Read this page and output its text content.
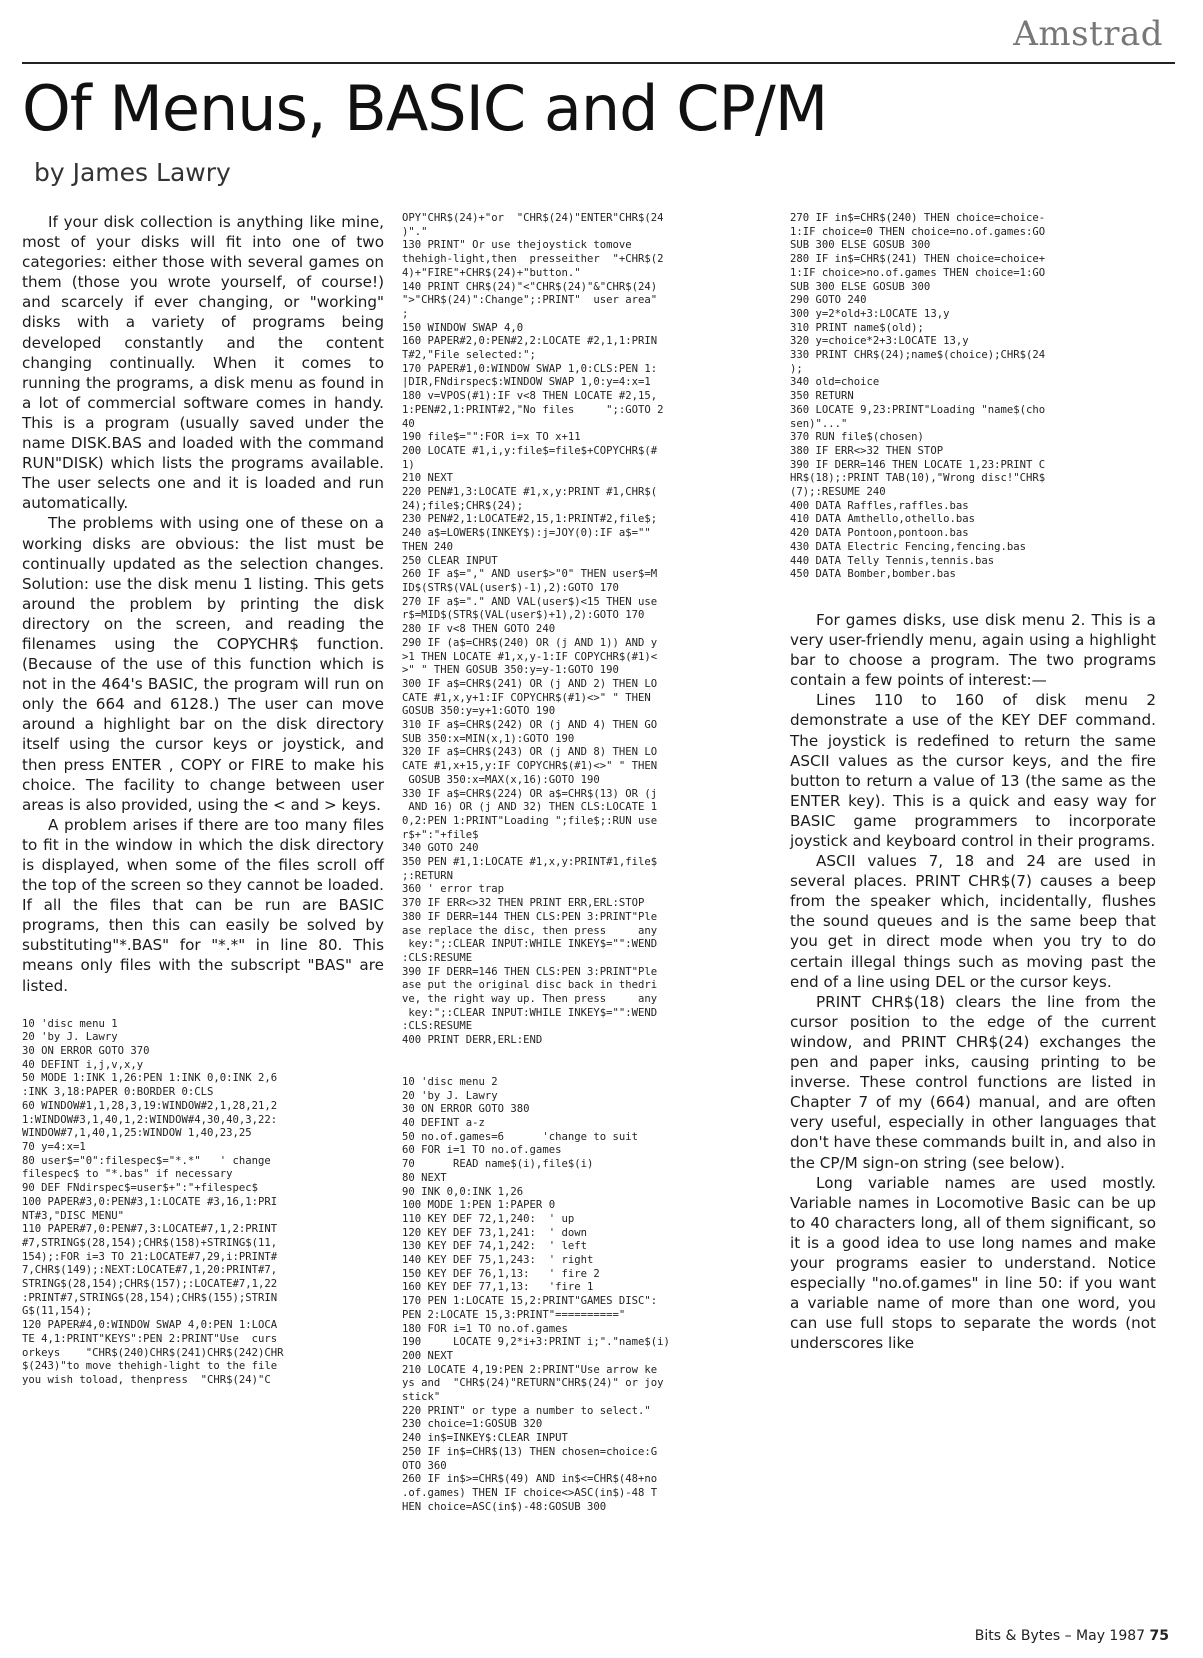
Amstrad
Of Menus, BASIC and CP/M
by James Lawry

If your disk collection is anything like mine, most of your disks will fit into one of two categories: either those with several games on them (those you wrote yourself, of course!) and scarcely if ever changing, or "working" disks with a variety of programs being developed constantly and the content changing continually. When it comes to running the programs, a disk menu as found in a lot of commercial software comes in handy. This is a program (usually saved under the name DISK.BAS and loaded with the command RUN"DISK) which lists the programs available. The user selects one and it is loaded and run automatically.

The problems with using one of these on a working disks are obvious: the list must be continually updated as the selection changes. Solution: use the disk menu 1 listing. This gets around the problem by printing the disk directory on the screen, and reading the filenames using the COPYCHR$ function. (Because of the use of this function which is not in the 464's BASIC, the program will run on only the 664 and 6128.) The user can move around a highlight bar on the disk directory itself using the cursor keys or joystick, and then press ENTER , COPY or FIRE to make his choice. The facility to change between user areas is also provided, using the < and > keys.

A problem arises if there are too many files to fit in the window in which the disk directory is displayed, when some of the files scroll off the top of the screen so they cannot be loaded. If all the files that can be run are BASIC programs, then this can easily be solved by substituting"*.BAS" for "*.*" in line 80. This means only files with the subscript "BAS" are listed.

10 'disc menu 1
20 'by J. Lawry
30 ON ERROR GOTO 370
40 DEFINT i,j,v,x,y
50 MODE 1:INK 1,26:PEN 1:INK 0,0:INK 2,6
:INK 3,18:PAPER 0:BORDER 0:CLS
60 WINDOW#1,1,28,3,19:WINDOW#2,1,28,21,2
1:WINDOW#3,1,40,1,2:WINDOW#4,30,40,3,22:
WINDOW#7,1,40,1,25:WINDOW 1,40,23,25
70 y=4:x=1
80 user$="0":filespec$="*.*"   ' change
filespec$ to "*.bas" if necessary
90 DEF FNdirspec$=user$+":"+filespec$
100 PAPER#3,0:PEN#3,1:LOCATE #3,16,1:PRI
NT#3,"DISC MENU"
110 PAPER#7,0:PEN#7,3:LOCATE#7,1,2:PRINT
#7,STRING$(28,154);CHR$(158)+STRING$(11,
154);:FOR i=3 TO 21:LOCATE#7,29,i:PRINT#
7,CHR$(149);:NEXT:LOCATE#7,1,20:PRINT#7,
STRING$(28,154);CHR$(157);:LOCATE#7,1,22
:PRINT#7,STRING$(28,154);CHR$(155);STRIN
G$(11,154);
120 PAPER#4,0:WINDOW SWAP 4,0:PEN 1:LOCA
TE 4,1:PRINT"KEYS":PEN 2:PRINT"Use  curs
orkeys    "CHR$(240)CHR$(241)CHR$(242)CHR
$(243)"to move thehigh-light to the file
you wish toload, thenpress  "CHR$(24)"C
OPY"CHR$(24)+"or  "CHR$(24)"ENTER"CHR$(24
)"."
130 PRINT" Or use thejoystick tomove
thehigh-light,then  presseither  "+CHR$(2
4)+"FIRE"+CHR$(24)+"button."
140 PRINT CHR$(24)"<"CHR$(24)"&"CHR$(24)
">"CHR$(24)":Change";:PRINT"  user area"
;
150 WINDOW SWAP 4,0
160 PAPER#2,0:PEN#2,2:LOCATE #2,1,1:PRIN
T#2,"File selected:";
170 PAPER#1,0:WINDOW SWAP 1,0:CLS:PEN 1:
|DIR,FNdirspec$:WINDOW SWAP 1,0:y=4:x=1
180 v=VPOS(#1):IF v<8 THEN LOCATE #2,15,
1:PEN#2,1:PRINT#2,"No files     ";:GOTO 2
40
190 file$="":FOR i=x TO x+11
200 LOCATE #1,i,y:file$=file$+COPYCHR$(#
1)
210 NEXT
220 PEN#1,3:LOCATE #1,x,y:PRINT #1,CHR$(
24);file$;CHR$(24);
230 PEN#2,1:LOCATE#2,15,1:PRINT#2,file$;
240 a$=LOWER$(INKEY$):j=JOY(0):IF a$=""
THEN 240
250 CLEAR INPUT
260 IF a$="," AND user$>"0" THEN user$=M
ID$(STR$(VAL(user$)-1),2):GOTO 170
270 IF a$="." AND VAL(user$)<15 THEN use
r$=MID$(STR$(VAL(user$)+1),2):GOTO 170
280 IF v<8 THEN GOTO 240
290 IF (a$=CHR$(240) OR (j AND 1)) AND y
>1 THEN LOCATE #1,x,y-1:IF COPYCHR$(#1)<
>" " THEN GOSUB 350:y=y-1:GOTO 190
300 IF a$=CHR$(241) OR (j AND 2) THEN LO
CATE #1,x,y+1:IF COPYCHR$(#1)<>" " THEN
GOSUB 350:y=y+1:GOTO 190
310 IF a$=CHR$(242) OR (j AND 4) THEN GO
SUB 350:x=MIN(x,1):GOTO 190
320 IF a$=CHR$(243) OR (j AND 8) THEN LO
CATE #1,x+15,y:IF COPYCHR$(#1)<>" " THEN
GOSUB 350:x=MAX(x,16):GOTO 190
330 IF a$=CHR$(224) OR a$=CHR$(13) OR (j
AND 16) OR (j AND 32) THEN CLS:LOCATE 1
0,2:PEN 1:PRINT"Loading ";file$;:RUN use
r$+":"+file$
340 GOTO 240
350 PEN #1,1:LOCATE #1,x,y:PRINT#1,file$
;:RETURN
360 ' error trap
370 IF ERR<>32 THEN PRINT ERR,ERL:STOP
380 IF DERR=144 THEN CLS:PEN 3:PRINT"Ple
ase replace the disc, then press     any
key:";:CLEAR INPUT:WHILE INKEY$="":WEND
:CLS:RESUME
390 IF DERR=146 THEN CLS:PEN 3:PRINT"Ple
ase put the original disc back in thedri
ve, the right way up. Then press     any
key:";:CLEAR INPUT:WHILE INKEY$="":WEND
:CLS:RESUME
400 PRINT DERR,ERL:END
10 'disc menu 2
20 'by J. Lawry
30 ON ERROR GOTO 380
40 DEFINT a-z
50 no.of.games=6      'change to suit
60 FOR i=1 TO no.of.games
70      READ name$(i),file$(i)
80 NEXT
90 INK 0,0:INK 1,26
100 MODE 1:PEN 1:PAPER 0
110 KEY DEF 72,1,240:  ' up
120 KEY DEF 73,1,241:  ' down
130 KEY DEF 74,1,242:  ' left
140 KEY DEF 75,1,243:  ' right
150 KEY DEF 76,1,13:   ' fire 2
160 KEY DEF 77,1,13:   'fire 1
170 PEN 1:LOCATE 15,2:PRINT"GAMES DISC":
PEN 2:LOCATE 15,3:PRINT"=========="
180 FOR i=1 TO no.of.games
190     LOCATE 9,2*i+3:PRINT i;"."name$(i)
200 NEXT
210 LOCATE 4,19:PEN 2:PRINT"Use arrow ke
ys and  "CHR$(24)"RETURN"CHR$(24)" or joy
stick"
220 PRINT" or type a number to select."
230 choice=1:GOSUB 320
240 in$=INKEY$:CLEAR INPUT
250 IF in$=CHR$(13) THEN chosen=choice:G
OTO 360
260 IF in$>=CHR$(49) AND in$<=CHR$(48+no
.of.games) THEN IF choice<>ASC(in$)-48 T
HEN choice=ASC(in$)-48:GOSUB 300
270 IF in$=CHR$(240) THEN choice=choice-
1:IF choice=0 THEN choice=no.of.games:GO
SUB 300 ELSE GOSUB 300
280 IF in$=CHR$(241) THEN choice=choice+
1:IF choice>no.of.games THEN choice=1:GO
SUB 300 ELSE GOSUB 300
290 GOTO 240
300 y=2*old+3:LOCATE 13,y
310 PRINT name$(old);
320 y=choice*2+3:LOCATE 13,y
330 PRINT CHR$(24);name$(choice);CHR$(24
);
340 old=choice
350 RETURN
360 LOCATE 9,23:PRINT"Loading "name$(cho
sen)"..."
370 RUN file$(chosen)
380 IF ERR<>32 THEN STOP
390 IF DERR=146 THEN LOCATE 1,23:PRINT C
HR$(18);:PRINT TAB(10),"Wrong disc!"CHR$
(7);:RESUME 240
400 DATA Raffles,raffles.bas
410 DATA Amthello,othello.bas
420 DATA Pontoon,pontoon.bas
430 DATA Electric Fencing,fencing.bas
440 DATA Telly Tennis,tennis.bas
450 DATA Bomber,bomber.bas

For games disks, use disk menu 2. This is a very user-friendly menu, again using a highlight bar to choose a program. The two programs contain a few points of interest:—

Lines 110 to 160 of disk menu 2 demonstrate a use of the KEY DEF command. The joystick is redefined to return the same ASCII values as the cursor keys, and the fire button to return a value of 13 (the same as the ENTER key). This is a quick and easy way for BASIC game programmers to incorporate joystick and keyboard control in their programs.

ASCII values 7, 18 and 24 are used in several places. PRINT CHR$(7) causes a beep from the speaker which, incidentally, flushes the sound queues and is the same beep that you get in direct mode when you try to do certain illegal things such as moving past the end of a line using DEL or the cursor keys.

PRINT CHR$(18) clears the line from the cursor position to the edge of the current window, and PRINT CHR$(24) exchanges the pen and paper inks, causing printing to be inverse. These control functions are listed in Chapter 7 of my (664) manual, and are often very useful, especially in other languages that don't have these commands built in, and also in the CP/M sign-on string (see below).

Long variable names are used mostly. Variable names in Locomotive Basic can be up to 40 characters long, all of them significant, so it is a good idea to use long names and make your programs easier to understand. Notice especially "no.of.games" in line 50: if you want a variable name of more than one word, you can use full stops to separate the words (not underscores like

Bits & Bytes – May 1987 75
